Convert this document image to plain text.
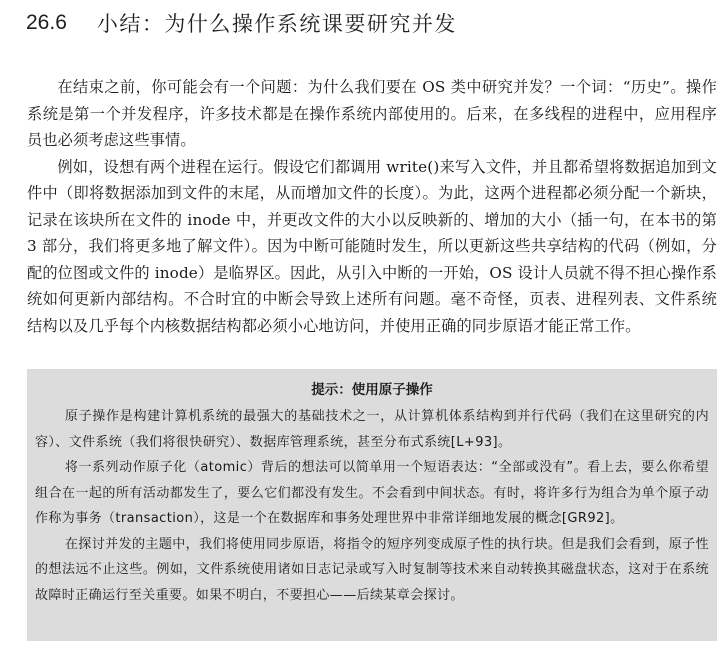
26.6 小结：为什么操作系统课要研究并发

在结束之前，你可能会有一个问题：为什么我们要在 OS 类中研究并发？一个词：“历史”。操作系统是第一个并发程序，许多技术都是在操作系统内部使用的。后来，在多线程的进程中，应用程序员也必须考虑这些事情。

例如，设想有两个进程在运行。假设它们都调用 write()来写入文件，并且都希望将数据追加到文件中（即将数据添加到文件的末尾，从而增加文件的长度）。为此，这两个进程都必须分配一个新块，记录在该块所在文件的 inode 中，并更改文件的大小以反映新的、增加的大小（插一句，在本书的第 3 部分，我们将更多地了解文件）。因为中断可能随时发生，所以更新这些共享结构的代码（例如，分配的位图或文件的 inode）是临界区。因此，从引入中断的一开始，OS 设计人员就不得不担心操作系统如何更新内部结构。不合时宜的中断会导致上述所有问题。毫不奇怪，页表、进程列表、文件系统结构以及几乎每个内核数据结构都必须小心地访问，并使用正确的同步原语才能正常工作。

提示：使用原子操作

原子操作是构建计算机系统的最强大的基础技术之一，从计算机体系结构到并行代码（我们在这里研究的内容）、文件系统（我们将很快研究）、数据库管理系统，甚至分布式系统[L+93]。

将一系列动作原子化（atomic）背后的想法可以简单用一个短语表达：“全部或没有”。看上去，要么你希望组合在一起的所有活动都发生了，要么它们都没有发生。不会看到中间状态。有时，将许多行为组合为单个原子动作称为事务（transaction），这是一个在数据库和事务处理世界中非常详细地发展的概念[GR92]。

在探讨并发的主题中，我们将使用同步原语，将指令的短序列变成原子性的执行块。但是我们会看到，原子性的想法远不止这些。例如，文件系统使用诸如日志记录或写入时复制等技术来自动转换其磁盘状态，这对于在系统故障时正确运行至关重要。如果不明白，不要担心——后续某章会探讨。
